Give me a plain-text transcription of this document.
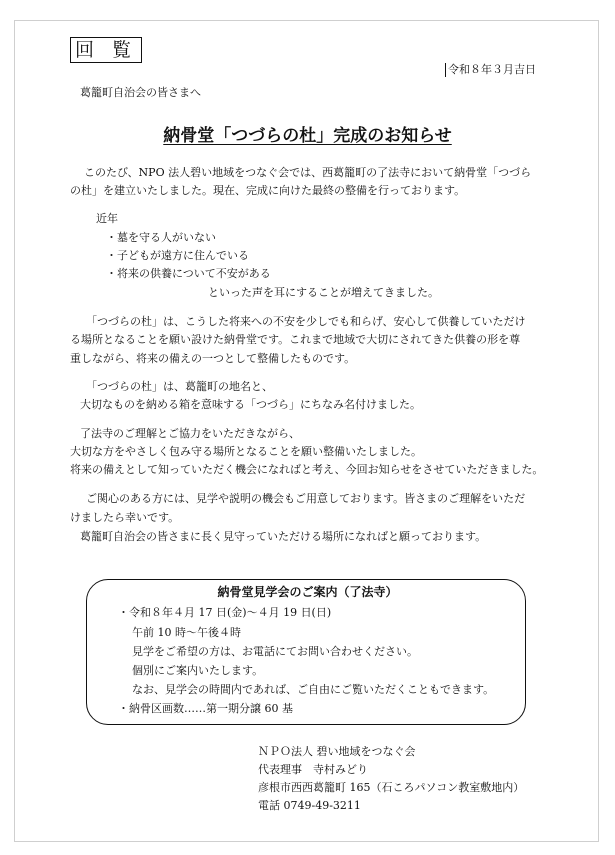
回 覧
令和８年３月吉日
葛籠町自治会の皆さまへ
納骨堂「つづらの杜」完成のお知らせ
このたび、NPO 法人碧い地域をつなぐ会では、西葛籠町の了法寺において納骨堂「つづら
の杜」を建立いたしました。現在、完成に向けた最終の整備を行っております。
近年
・墓を守る人がいない
・子どもが遠方に住んでいる
・将来の供養について不安がある
といった声を耳にすることが増えてきました。
「つづらの杜」は、こうした将来への不安を少しでも和らげ、安心して供養していただけ
る場所となることを願い設けた納骨堂です。これまで地域で大切にされてきた供養の形を尊
重しながら、将来の備えの一つとして整備したものです。
「つづらの杜」は、葛籠町の地名と、
大切なものを納める箱を意味する「つづら」にちなみ名付けました。
了法寺のご理解とご協力をいただきながら、
大切な方をやさしく包み守る場所となることを願い整備いたしました。
将来の備えとして知っていただく機会になればと考え、今回お知らせをさせていただきました。
ご関心のある方には、見学や説明の機会もご用意しております。皆さまのご理解をいただ
けましたら幸いです。
葛籠町自治会の皆さまに長く見守っていただける場所になればと願っております。
納骨堂見学会のご案内（了法寺）
・令和８年４月 17 日(金)～４月 19 日(日)
午前 10 時～午後４時
見学をご希望の方は、お電話にてお問い合わせください。
個別にご案内いたします。
なお、見学会の時間内であれば、ご自由にご覧いただくこともできます。
・納骨区画数……第一期分譲 60 基
ＮＰＯ法人 碧い地域をつなぐ会
代表理事　寺村みどり
彦根市西西葛籠町 165（石ころパソコン教室敷地内）
電話 0749-49-3211
